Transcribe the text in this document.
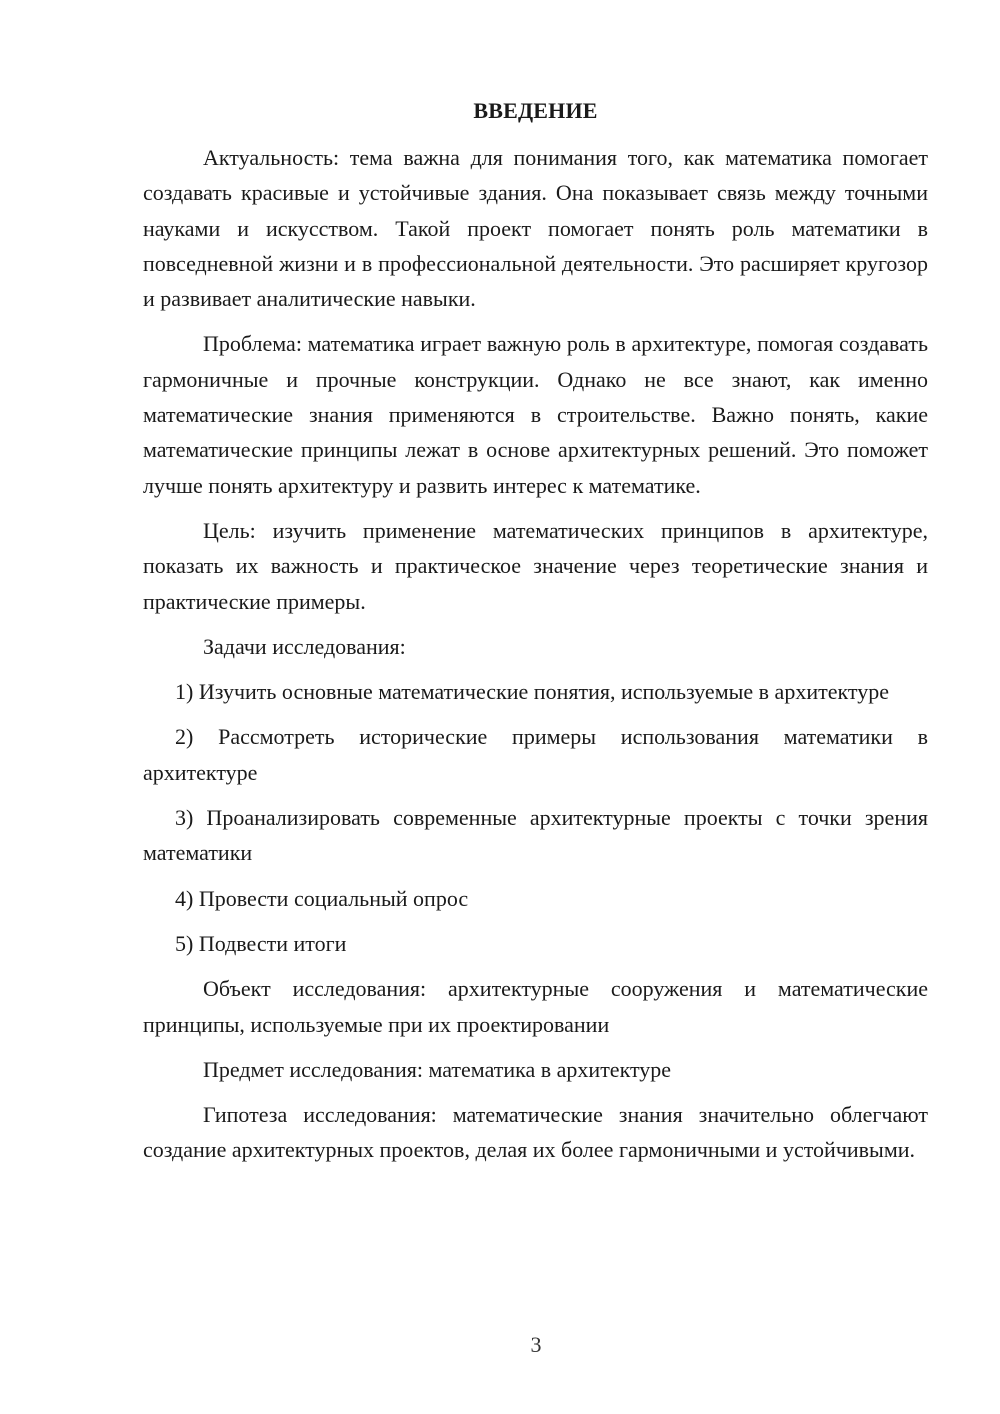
ВВЕДЕНИЕ

Актуальность: тема важна для понимания того, как математика помогает создавать красивые и устойчивые здания. Она показывает связь между точными науками и искусством. Такой проект помогает понять роль математики в повседневной жизни и в профессиональной деятельности. Это расширяет кругозор и развивает аналитические навыки.

Проблема: математика играет важную роль в архитектуре, помогая создавать гармоничные и прочные конструкции. Однако не все знают, как именно математические знания применяются в строительстве. Важно понять, какие математические принципы лежат в основе архитектурных решений. Это поможет лучше понять архитектуру и развить интерес к математике.

Цель: изучить применение математических принципов в архитектуре, показать их важность и практическое значение через теоретические знания и практические примеры.

Задачи исследования:

1) Изучить основные математические понятия, используемые в архитектуре

2) Рассмотреть исторические примеры использования математики в архитектуре

3) Проанализировать современные архитектурные проекты с точки зрения математики

4) Провести социальный опрос

5) Подвести итоги

Объект исследования: архитектурные сооружения и математические принципы, используемые при их проектировании

Предмет исследования: математика в архитектуре

Гипотеза исследования: математические знания значительно облегчают создание архитектурных проектов, делая их более гармоничными и устойчивыми.

3
